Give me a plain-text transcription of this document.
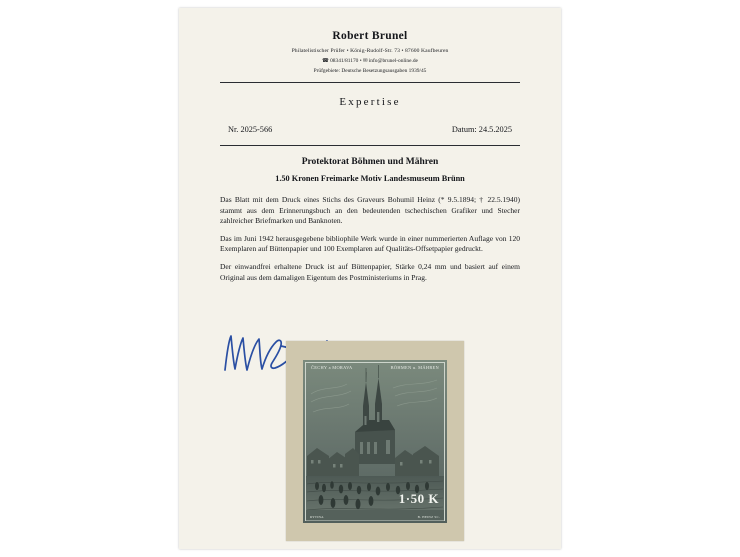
Robert Brunel
Philatelistischer Prüfer • König-Rudolf-Str. 73 • 87600 Kaufbeuren
☎ 08341/81170 • ✉ info@brunel-online.de
Prüfgebiete: Deutsche Besetzungsausgaben 1939/45
Expertise
Nr. 2025-566	Datum: 24.5.2025
Protektorat Böhmen und Mähren
1.50 Kronen Freimarke Motiv Landesmuseum Brünn
Das Blatt mit dem Druck eines Stichs des Graveurs Bohumil Heinz (* 9.5.1894; † 22.5.1940) stammt aus dem Erinnerungsbuch an den bedeutenden tschechischen Grafiker und Stecher zahlreicher Briefmarken und Banknoten.
Das im Juni 1942 herausgegebene bibliophile Werk wurde in einer nummerierten Auflage von 120 Exemplaren auf Büttenpapier und 100 Exemplaren auf Qualitäts-Offsetpapier gedruckt.
Der einwandfrei erhaltene Druck ist auf Büttenpapier, Stärke 0,24 mm und basiert auf einem Original aus dem damaligen Eigentum des Postministeriums in Prag.
ČECHY a MORAVA	BÖHMEN u. MÄHREN
1·50 K
RYTINA	B. HEINZ SC.
